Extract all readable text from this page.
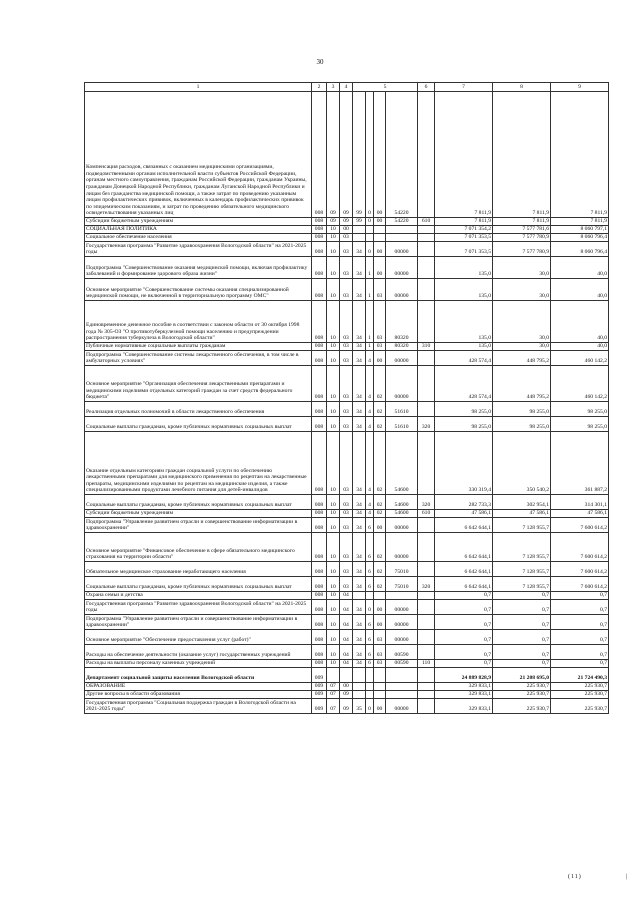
30
1	2	3	4	5				6	7	8	9
Компенсация расходов, связанных с оказанием медицинскими организациями, подведомственными органам исполнительной власти субъектов Российской Федерации, органам местного самоуправления, гражданам Российской Федерации, гражданам Украины, гражданам Донецкой Народной Республики, гражданам Луганской Народной Республики и лицам без гражданства медицинской помощи, а также затрат по проведению указанным лицам профилактических прививок, включенных в календарь профилактических прививок по эпидемическим показаниям, и затрат по проведению обязательного медицинского освидетельствования указанных лиц	008	09	09	99	0	00	54220		7 811,9	7 811,9	7 811,9
Субсидии бюджетным учреждениям	008	09	09	99	0	00	54220	610	7 811,9	7 811,9	7 811,9
СОЦИАЛЬНАЯ ПОЛИТИКА	008	10	00						7 071 354,2	7 577 781,6	8 060 797,1
Социальное обеспечение населения	008	10	03						7 071 353,5	7 577 780,9	8 060 796,4
Государственная программа "Развитие здравоохранения Вологодской области" на 2021-2025 годы	008	10	03	34	0	00	00000		7 071 353,5	7 577 780,9	8 060 796,4
Подпрограмма "Совершенствование оказания медицинской помощи, включая профилактику заболеваний и формирование здорового образа жизни"	008	10	03	34	1	00	00000		135,0	30,0	40,0
Основное мероприятие "Совершенствование системы оказания специализированной медицинской помощи, не включенной в территориальную программу ОМС"	008	10	03	34	1	03	00000		135,0	30,0	40,0
Единовременное денежное пособие в соответствии с законом области от 30 октября 1998 года № 305-ОЗ "О противотуберкулезной помощи населению и предупреждении распространения туберкулеза в Вологодской области"	008	10	03	34	1	03	80320		135,0	30,0	40,0
Публичные нормативные социальные выплаты гражданам	008	10	03	34	1	03	80320	310	135,0	30,0	40,0
Подпрограмма "Совершенствование системы лекарственного обеспечения, в том числе в амбулаторных условиях"	008	10	03	34	4	00	00000		428 574,4	448 795,2	460 142,2
Основное мероприятие "Организация обеспечения лекарственными препаратами и медицинскими изделиями отдельных категорий граждан за счет средств федерального бюджета"	008	10	03	34	4	02	00000		428 574,4	448 795,2	460 142,2
Реализация отдельных полномочий в области лекарственного обеспечения	008	10	03	34	4	02	51610		98 255,0	98 255,0	98 255,0
Социальные выплаты гражданам, кроме публичных нормативных социальных выплат	008	10	03	34	4	02	51610	320	98 255,0	98 255,0	98 255,0
Оказание отдельным категориям граждан социальной услуги по обеспечению лекарственными препаратами для медицинского применения по рецептам на лекарственные препараты, медицинскими изделиями по рецептам на медицинские изделия, а также специализированными продуктами лечебного питания для детей-инвалидов	008	10	03	34	4	02	54600		330 319,4	350 540,2	361 887,2
Социальные выплаты гражданам, кроме публичных нормативных социальных выплат	008	10	03	34	4	02	54600	320	282 733,3	302 954,1	314 301,1
Субсидии бюджетным учреждениям	008	10	03	34	4	02	54600	610	47 586,1	47 586,1	47 586,1
Подпрограмма "Управление развитием отрасли и совершенствование информатизации в здравоохранении"	008	10	03	34	6	00	00000		6 642 644,1	7 128 955,7	7 600 614,2
Основное мероприятие "Финансовое обеспечение в сфере обязательного медицинского страхования на территории области"	008	10	03	34	6	02	00000		6 642 644,1	7 128 955,7	7 600 614,2
Обязательное медицинское страхование неработающего населения	008	10	03	34	6	02	75010		6 642 644,1	7 128 955,7	7 600 614,2
Социальные выплаты гражданам, кроме публичных нормативных социальных выплат	008	10	03	34	6	02	75010	320	6 642 644,1	7 128 955,7	7 600 614,2
Охрана семьи и детства	008	10	04						0,7	0,7	0,7
Государственная программа "Развитие здравоохранения Вологодской области" на 2021-2025 годы	008	10	04	34	0	00	00000		0,7	0,7	0,7
Подпрограмма "Управление развитием отрасли и совершенствование информатизации в здравоохранении"	008	10	04	34	6	00	00000		0,7	0,7	0,7
Основное мероприятие "Обеспечение предоставления услуг (работ)"	008	10	04	34	6	03	00000		0,7	0,7	0,7
Расходы на обеспечение деятельности (оказание услуг) государственных учреждений	008	10	04	34	6	03	00590		0,7	0,7	0,7
Расходы на выплаты персоналу казенных учреждений	008	10	04	34	6	03	00590	110	0,7	0,7	0,7
Департамент социальной защиты населения Вологодской области	009								24 889 828,9	21 208 695,0	21 724 490,3
ОБРАЗОВАНИЕ	009	07	00						329 833,1	225 930,7	225 930,7
Другие вопросы в области образования	009	07	09						329 833,1	225 930,7	225 930,7
Государственная программа "Социальная поддержка граждан в Вологодской области на 2021-2025 годы"	009	07	09	35	0	00	00000		329 833,1	225 930,7	225 930,7
(11)	|
